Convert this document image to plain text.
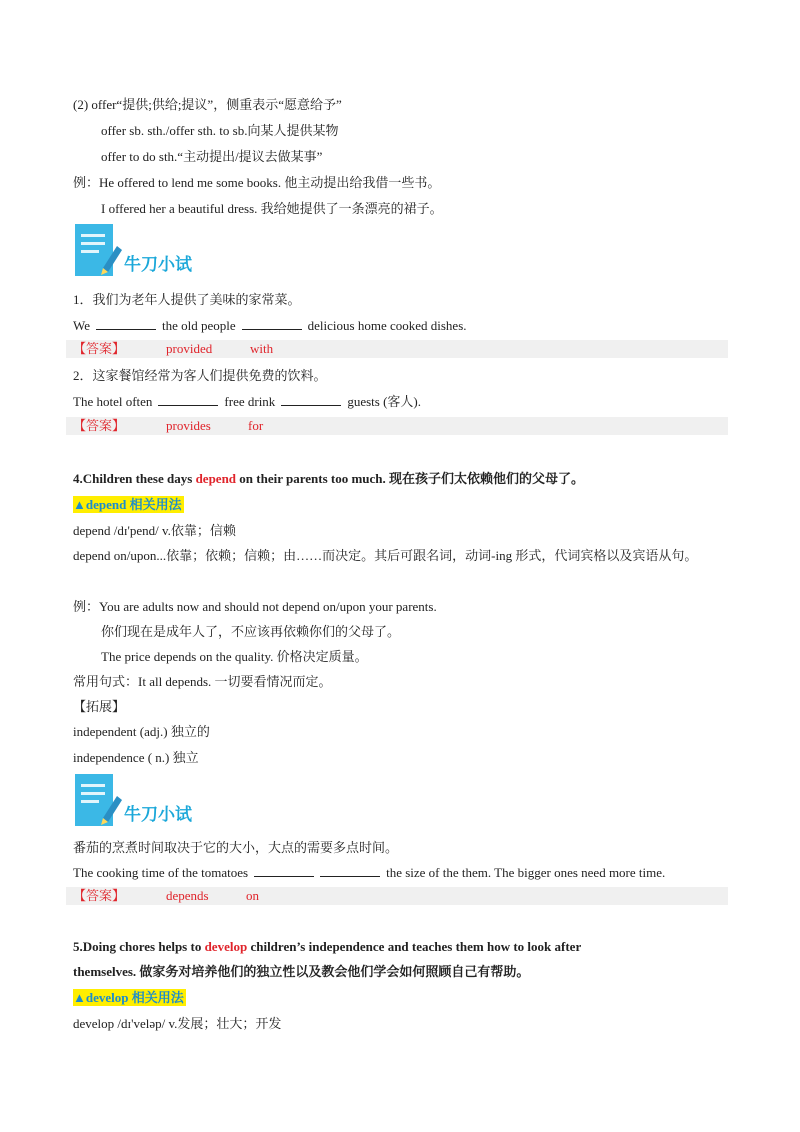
(2) offer“提供;供给;提议”，侧重表示“愿意给予”
offer sb. sth./offer sth. to sb.向某人提供某物
offer to do sth.“主动提出/提议去做某事”
例：He offered to lend me some books. 他主动提出给我借一些书。
I offered her a beautiful dress. 我给她提供了一条漂亮的裙子。
牛刀小试
1．我们为老年人提供了美味的家常菜。
We	the old people	delicious home cooked dishes.
【答案】	provided	with
2．这家餐馆经常为客人们提供免费的饮料。
The hotel often	free drink	guests (客人).
【答案】	provides	for
4.Children these days depend on their parents too much. 现在孩子们太依赖他们的父母了。
▲depend 相关用法
depend /dɪ'pend/ v.依靠；信赖
depend on/upon...依靠；依赖；信赖；由……而决定。其后可跟名词，动词-ing 形式，代词宾格以及宾语从句。
例：You are adults now and should not depend on/upon your parents.
你们现在是成年人了，不应该再依赖你们的父母了。
The price depends on the quality. 价格决定质量。
常用句式：It all depends. 一切要看情况而定。
【拓展】
independent (adj.) 独立的
independence ( n.) 独立
牛刀小试
番茄的烹煮时间取决于它的大小，大点的需要多点时间。
The cooking time of the tomatoes	the size of the them. The bigger ones need more time.
【答案】	depends	on
5.Doing chores helps to develop children’s independence and teaches them how to look after
themselves. 做家务对培养他们的独立性以及教会他们学会如何照顾自己有帮助。
▲develop 相关用法
develop /dɪ'veləp/ v.发展；壮大；开发
